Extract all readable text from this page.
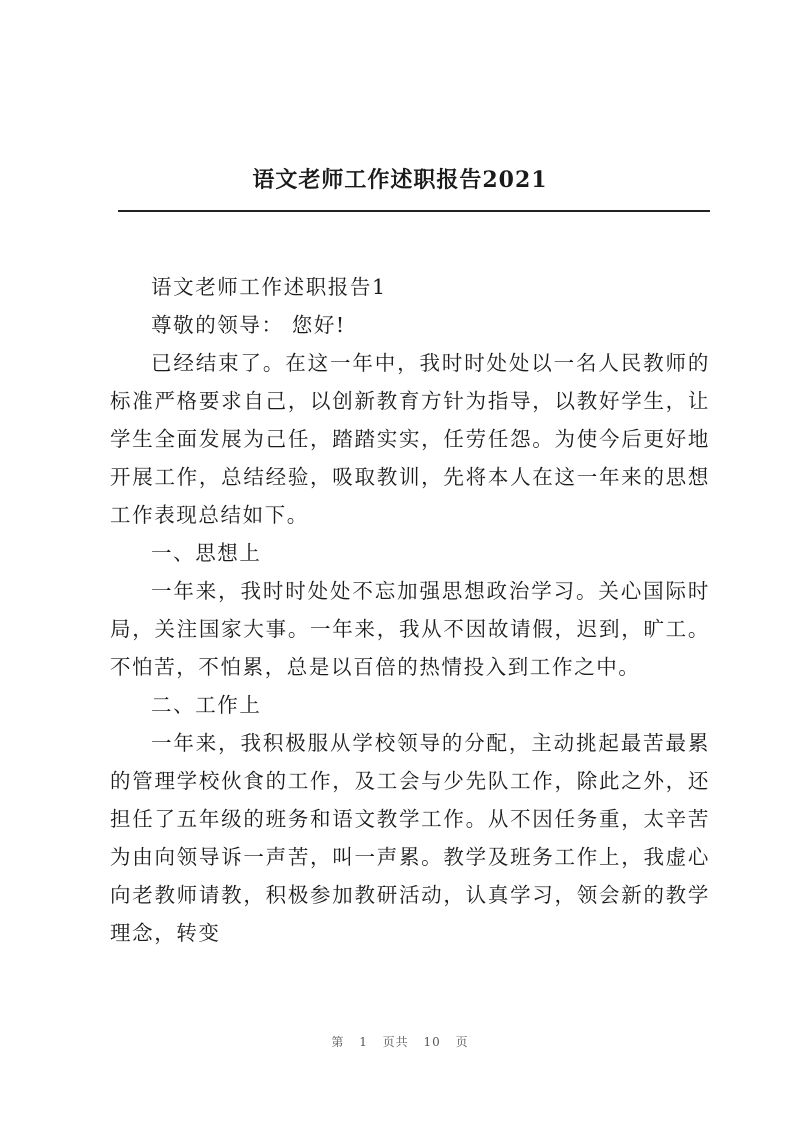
语文老师工作述职报告2021

语文老师工作述职报告1

尊敬的领导： 您好!

已经结束了。在这一年中，我时时处处以一名人民教师的标准严格要求自己，以创新教育方针为指导，以教好学生，让学生全面发展为己任，踏踏实实，任劳任怨。为使今后更好地开展工作，总结经验，吸取教训，先将本人在这一年来的思想工作表现总结如下。

一、思想上

一年来，我时时处处不忘加强思想政治学习。关心国际时局，关注国家大事。一年来，我从不因故请假，迟到，旷工。不怕苦，不怕累，总是以百倍的热情投入到工作之中。

二、工作上

一年来，我积极服从学校领导的分配，主动挑起最苦最累的管理学校伙食的工作，及工会与少先队工作，除此之外，还担任了五年级的班务和语文教学工作。从不因任务重，太辛苦为由向领导诉一声苦，叫一声累。教学及班务工作上，我虚心向老教师请教，积极参加教研活动，认真学习，领会新的教学理念，转变

第 1 页共 10 页
